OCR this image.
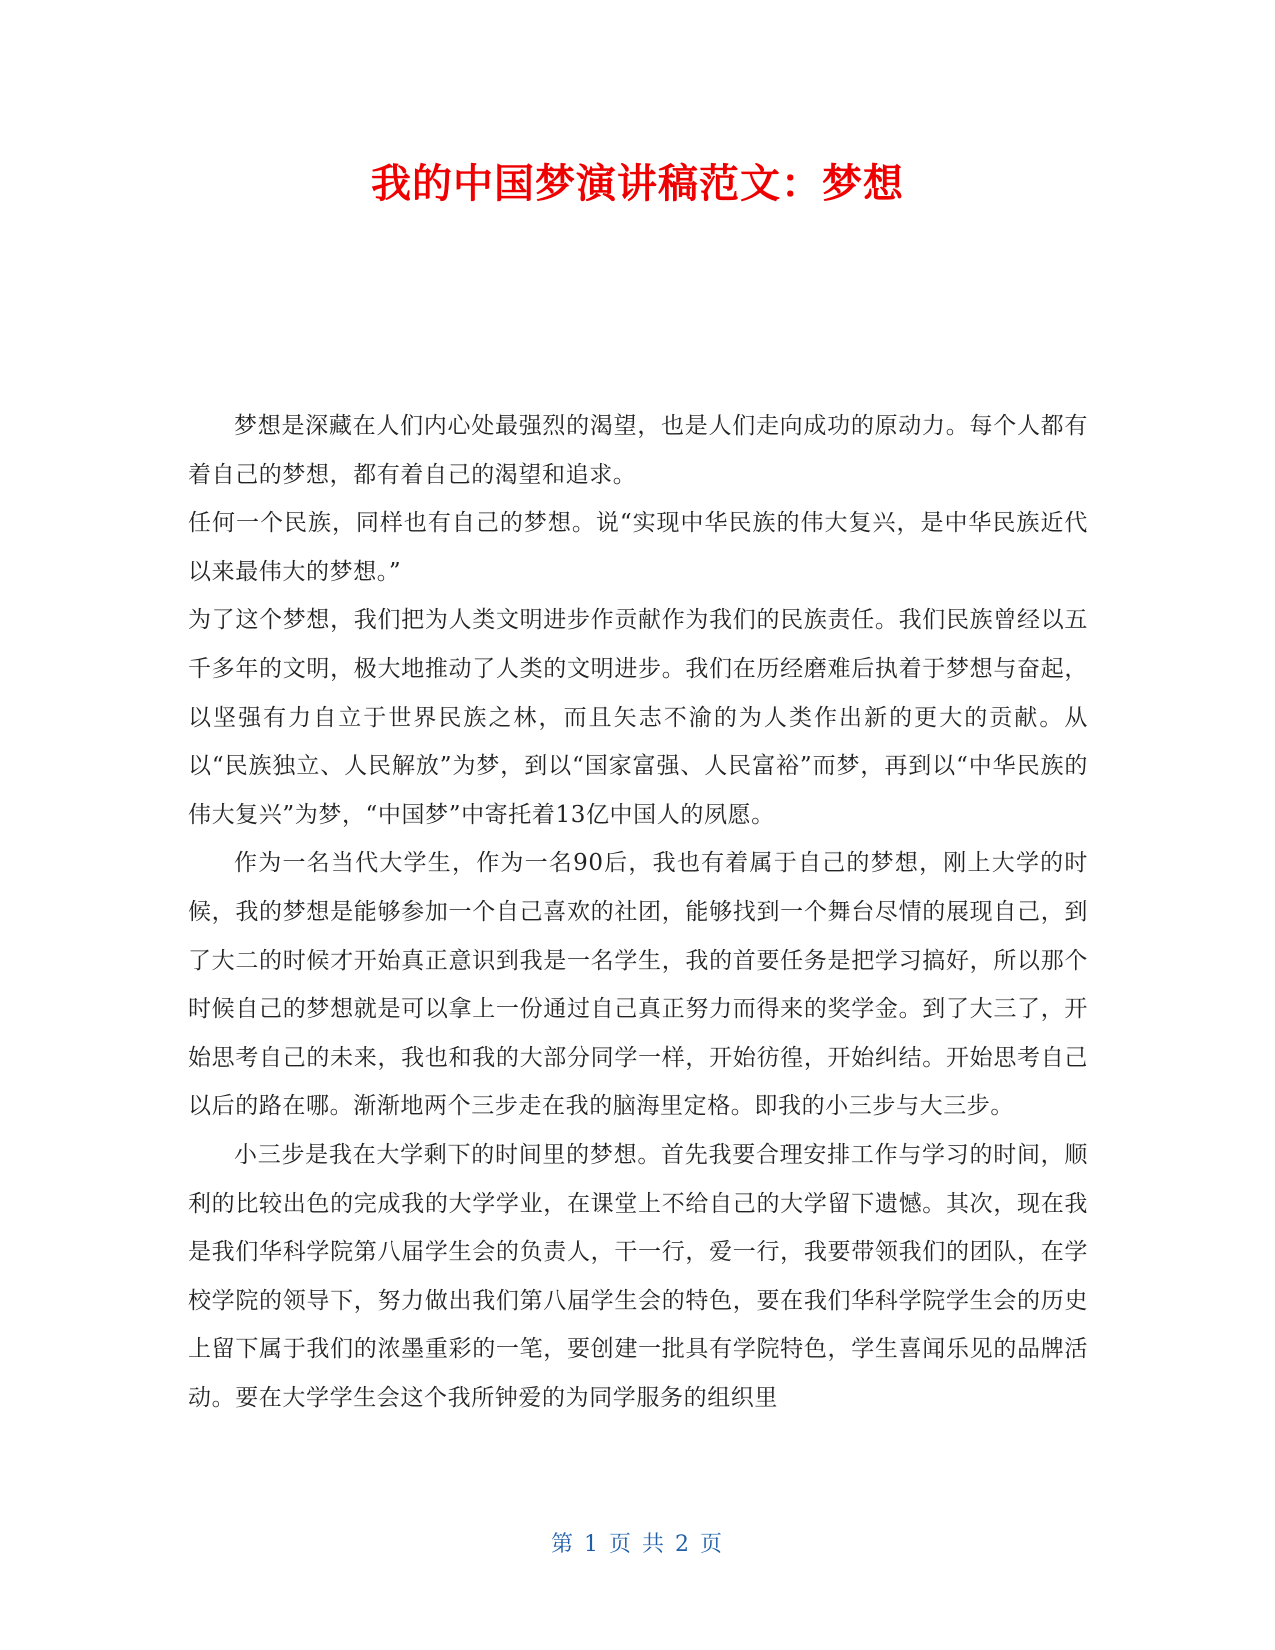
我的中国梦演讲稿范文：梦想

梦想是深藏在人们内心处最强烈的渴望，也是人们走向成功的原动力。每个人都有着自己的梦想，都有着自己的渴望和追求。

任何一个民族，同样也有自己的梦想。说“实现中华民族的伟大复兴，是中华民族近代以来最伟大的梦想。”

为了这个梦想，我们把为人类文明进步作贡献作为我们的民族责任。我们民族曾经以五千多年的文明，极大地推动了人类的文明进步。我们在历经磨难后执着于梦想与奋起，以坚强有力自立于世界民族之林，而且矢志不渝的为人类作出新的更大的贡献。从以“民族独立、人民解放”为梦，到以“国家富强、人民富裕”而梦，再到以“中华民族的伟大复兴”为梦，“中国梦”中寄托着13亿中国人的夙愿。

作为一名当代大学生，作为一名90后，我也有着属于自己的梦想，刚上大学的时候，我的梦想是能够参加一个自己喜欢的社团，能够找到一个舞台尽情的展现自己，到了大二的时候才开始真正意识到我是一名学生，我的首要任务是把学习搞好，所以那个时候自己的梦想就是可以拿上一份通过自己真正努力而得来的奖学金。到了大三了，开始思考自己的未来，我也和我的大部分同学一样，开始彷徨，开始纠结。开始思考自己以后的路在哪。渐渐地两个三步走在我的脑海里定格。即我的小三步与大三步。

小三步是我在大学剩下的时间里的梦想。首先我要合理安排工作与学习的时间，顺利的比较出色的完成我的大学学业，在课堂上不给自己的大学留下遗憾。其次，现在我是我们华科学院第八届学生会的负责人，干一行，爱一行，我要带领我们的团队，在学校学院的领导下，努力做出我们第八届学生会的特色，要在我们华科学院学生会的历史上留下属于我们的浓墨重彩的一笔，要创建一批具有学院特色，学生喜闻乐见的品牌活动。要在大学学生会这个我所钟爱的为同学服务的组织里

第 1 页 共 2 页
